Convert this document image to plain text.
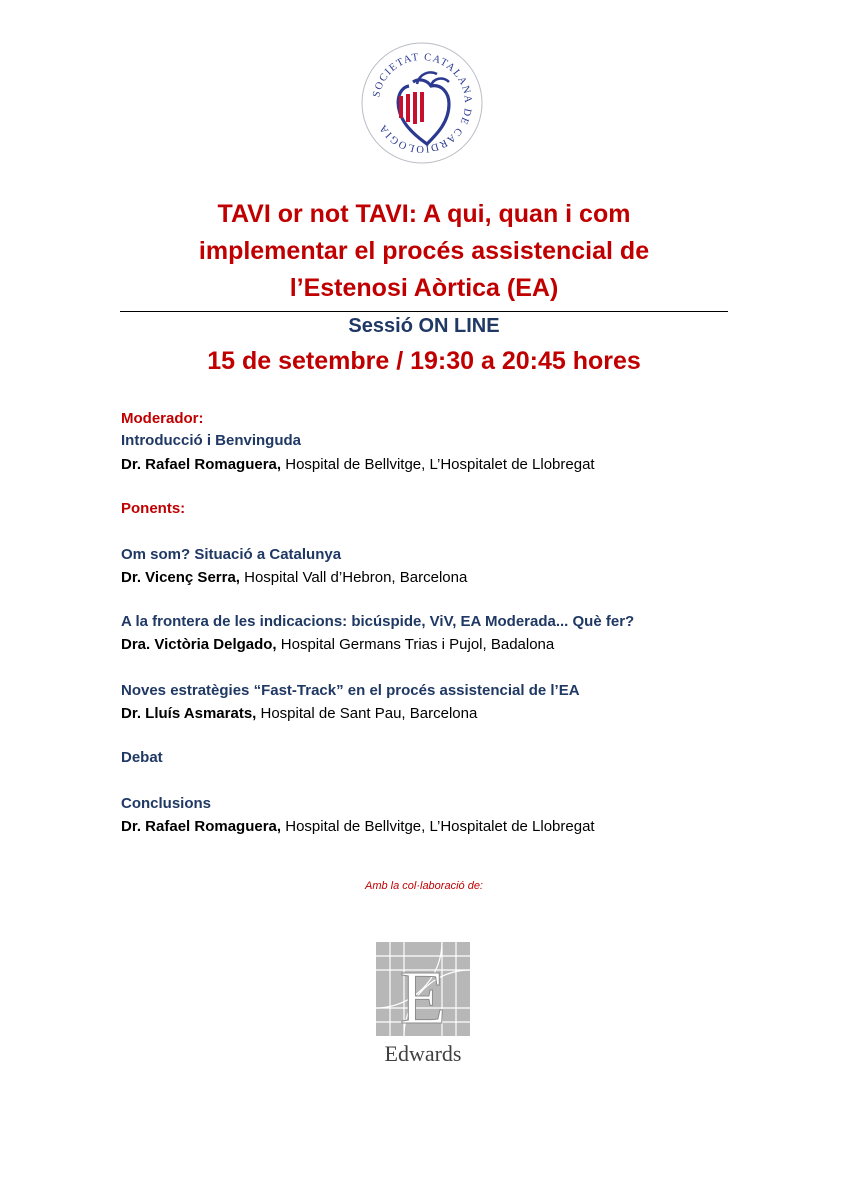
SOCIETAT CATALANA DE CARDIOLOGIA
TAVI or not TAVI: A qui, quan i com
implementar el procés assistencial de
l’Estenosi Aòrtica (EA)
Sessió ON LINE
15 de setembre / 19:30 a 20:45 hores
Moderador:
Introducció i Benvinguda
Dr. Rafael Romaguera, Hospital de Bellvitge, L’Hospitalet de Llobregat
Ponents:
Om som? Situació a Catalunya
Dr. Vicenç Serra, Hospital Vall d’Hebron, Barcelona
A la frontera de les indicacions: bicúspide, ViV, EA Moderada... Què fer?
Dra. Victòria Delgado, Hospital Germans Trias i Pujol, Badalona
Noves estratègies “Fast-Track” en el procés assistencial de l’EA
Dr. Lluís Asmarats, Hospital de Sant Pau, Barcelona
Debat
Conclusions
Dr. Rafael Romaguera, Hospital de Bellvitge, L’Hospitalet de Llobregat
Amb la col·laboració de:
E
Edwards
